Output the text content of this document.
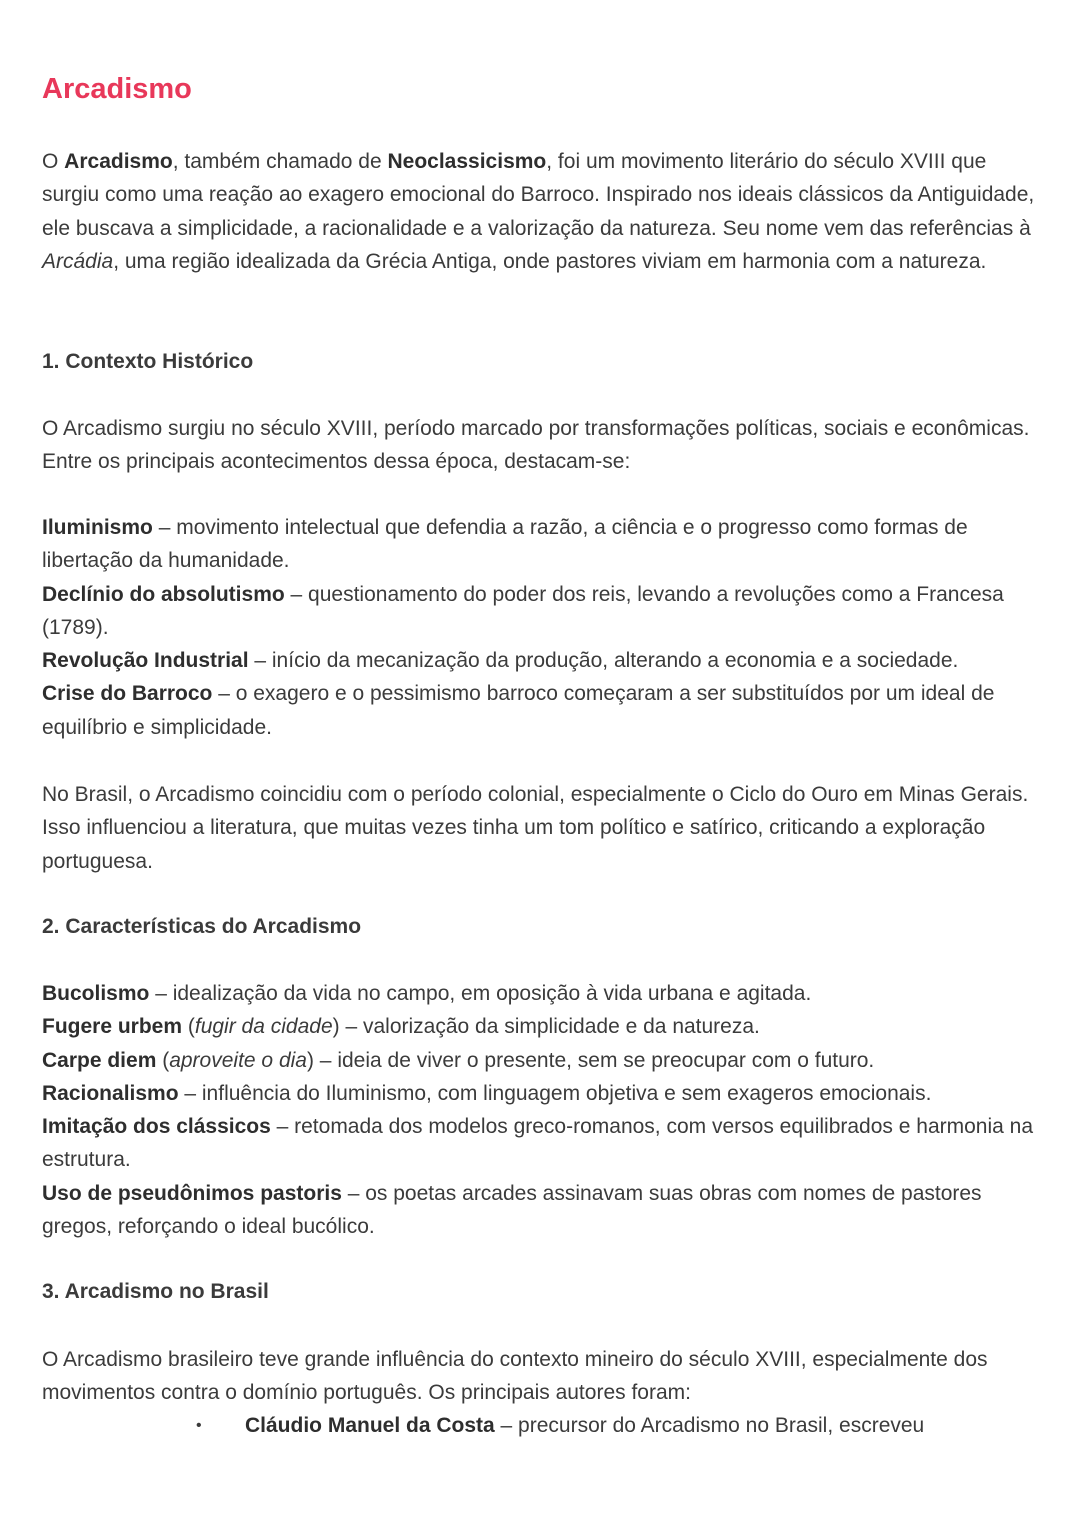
Arcadismo

O Arcadismo, também chamado de Neoclassicismo, foi um movimento literário do século XVIII que surgiu como uma reação ao exagero emocional do Barroco. Inspirado nos ideais clássicos da Antiguidade, ele buscava a simplicidade, a racionalidade e a valorização da natureza. Seu nome vem das referências à Arcádia, uma região idealizada da Grécia Antiga, onde pastores viviam em harmonia com a natureza.

1. Contexto Histórico

O Arcadismo surgiu no século XVIII, período marcado por transformações políticas, sociais e econômicas. Entre os principais acontecimentos dessa época, destacam-se:

Iluminismo – movimento intelectual que defendia a razão, a ciência e o progresso como formas de libertação da humanidade.
Declínio do absolutismo – questionamento do poder dos reis, levando a revoluções como a Francesa (1789).
Revolução Industrial – início da mecanização da produção, alterando a economia e a sociedade.
Crise do Barroco – o exagero e o pessimismo barroco começaram a ser substituídos por um ideal de equilíbrio e simplicidade.

No Brasil, o Arcadismo coincidiu com o período colonial, especialmente o Ciclo do Ouro em Minas Gerais. Isso influenciou a literatura, que muitas vezes tinha um tom político e satírico, criticando a exploração portuguesa.

2. Características do Arcadismo
Bucolismo – idealização da vida no campo, em oposição à vida urbana e agitada.
Fugere urbem (fugir da cidade) – valorização da simplicidade e da natureza.
Carpe diem (aproveite o dia) – ideia de viver o presente, sem se preocupar com o futuro.
Racionalismo – influência do Iluminismo, com linguagem objetiva e sem exageros emocionais.
Imitação dos clássicos – retomada dos modelos greco-romanos, com versos equilibrados e harmonia na estrutura.
Uso de pseudônimos pastoris – os poetas arcades assinavam suas obras com nomes de pastores gregos, reforçando o ideal bucólico.
3. Arcadismo no Brasil

O Arcadismo brasileiro teve grande influência do contexto mineiro do século XVIII, especialmente dos movimentos contra o domínio português. Os principais autores foram:

• Cláudio Manuel da Costa – precursor do Arcadismo no Brasil, escreveu
